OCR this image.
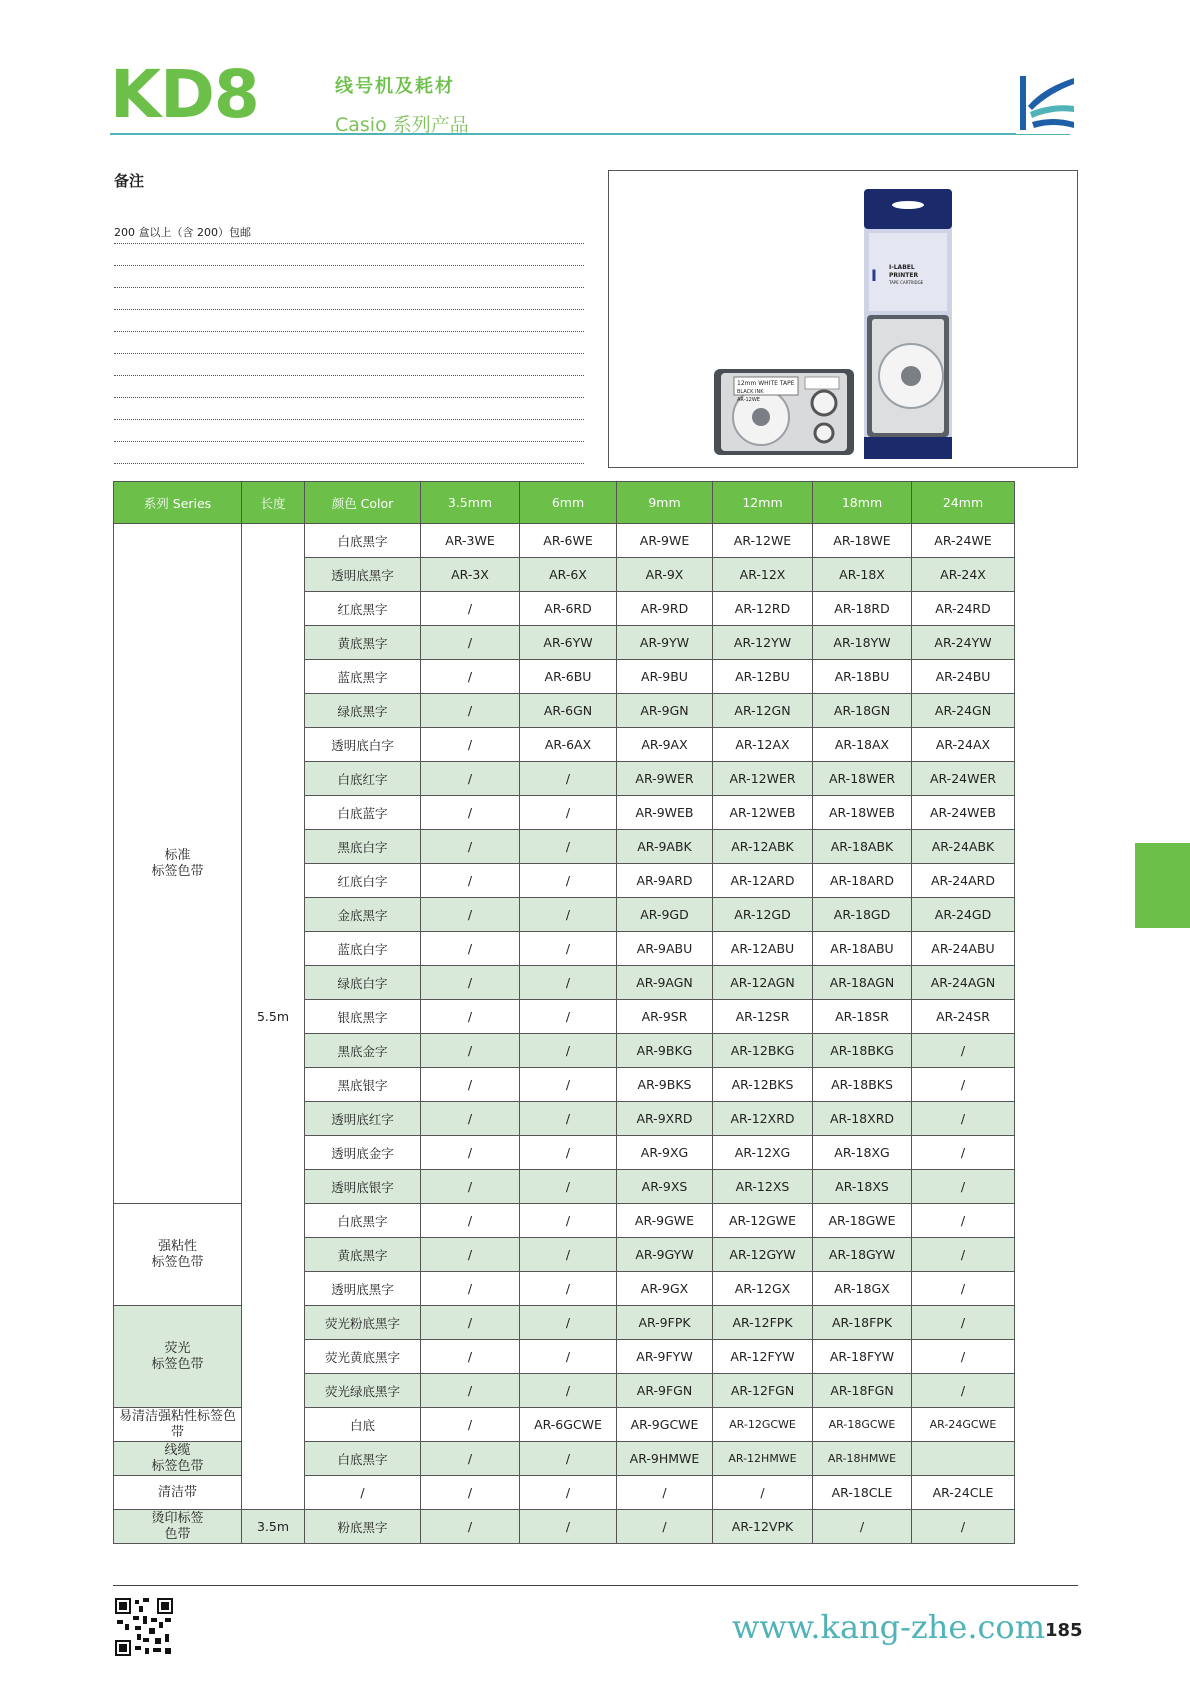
KD8	线号机及耗材
Casio 系列产品
备注
200 盒以上（含 200）包邮
12mm WHITE TAPE
BLACK INK
AR-12WE
I I-LABEL
PRINTER
TAPE CARTRIDGE
系列 Series	长度	颜色 Color	3.5mm	6mm	9mm	12mm	18mm	24mm
标准
标签色带	5.5m	白底黑字	AR-3WE	AR-6WE	AR-9WE	AR-12WE	AR-18WE	AR-24WE
		透明底黑字	AR-3X	AR-6X	AR-9X	AR-12X	AR-18X	AR-24X
		红底黑字	/	AR-6RD	AR-9RD	AR-12RD	AR-18RD	AR-24RD
		黄底黑字	/	AR-6YW	AR-9YW	AR-12YW	AR-18YW	AR-24YW
		蓝底黑字	/	AR-6BU	AR-9BU	AR-12BU	AR-18BU	AR-24BU
		绿底黑字	/	AR-6GN	AR-9GN	AR-12GN	AR-18GN	AR-24GN
		透明底白字	/	AR-6AX	AR-9AX	AR-12AX	AR-18AX	AR-24AX
		白底红字	/	/	AR-9WER	AR-12WER	AR-18WER	AR-24WER
		白底蓝字	/	/	AR-9WEB	AR-12WEB	AR-18WEB	AR-24WEB
		黑底白字	/	/	AR-9ABK	AR-12ABK	AR-18ABK	AR-24ABK
		红底白字	/	/	AR-9ARD	AR-12ARD	AR-18ARD	AR-24ARD
		金底黑字	/	/	AR-9GD	AR-12GD	AR-18GD	AR-24GD
		蓝底白字	/	/	AR-9ABU	AR-12ABU	AR-18ABU	AR-24ABU
		绿底白字	/	/	AR-9AGN	AR-12AGN	AR-18AGN	AR-24AGN
		银底黑字	/	/	AR-9SR	AR-12SR	AR-18SR	AR-24SR
		黑底金字	/	/	AR-9BKG	AR-12BKG	AR-18BKG	/
		黑底银字	/	/	AR-9BKS	AR-12BKS	AR-18BKS	/
		透明底红字	/	/	AR-9XRD	AR-12XRD	AR-18XRD	/
		透明底金字	/	/	AR-9XG	AR-12XG	AR-18XG	/
		透明底银字	/	/	AR-9XS	AR-12XS	AR-18XS	/
强粘性
标签色带		白底黑字	/	/	AR-9GWE	AR-12GWE	AR-18GWE	/
		黄底黑字	/	/	AR-9GYW	AR-12GYW	AR-18GYW	/
		透明底黑字	/	/	AR-9GX	AR-12GX	AR-18GX	/
荧光
标签色带		荧光粉底黑字	/	/	AR-9FPK	AR-12FPK	AR-18FPK	/
		荧光黄底黑字	/	/	AR-9FYW	AR-12FYW	AR-18FYW	/
		荧光绿底黑字	/	/	AR-9FGN	AR-12FGN	AR-18FGN	/
易清洁强粘性标签色带		白底	/	AR-6GCWE	AR-9GCWE	AR-12GCWE	AR-18GCWE	AR-24GCWE
线缆
标签色带		白底黑字	/	/	AR-9HMWE	AR-12HMWE	AR-18HMWE	
清洁带		/	/	/	/	/	AR-18CLE	AR-24CLE
烫印标签
色带	3.5m	粉底黑字	/	/	/	AR-12VPK	/	/
www.kang-zhe.com 185
